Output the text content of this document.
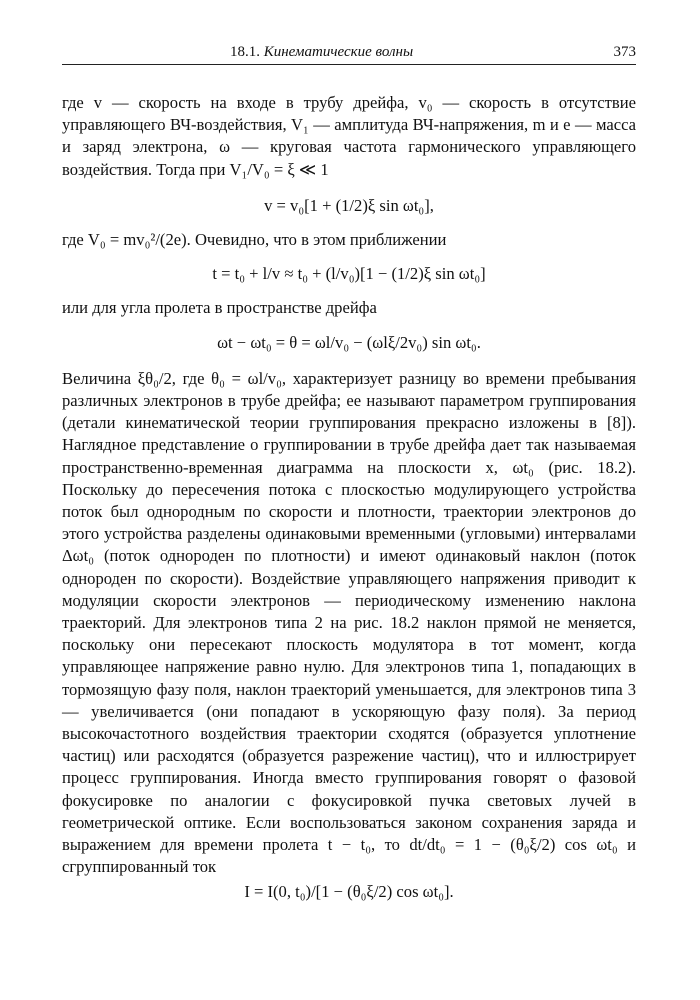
18.1. Кинематические волны	373

где v — скорость на входе в трубу дрейфа, v₀ — скорость в отсутствие управляющего ВЧ-воздействия, V₁ — амплитуда ВЧ-напряжения, m и e — масса и заряд электрона, ω — круговая частота гармонического управляющего воздействия. Тогда при V₁/V₀ = ξ ≪ 1

v = v₀[1 + (1/2)ξ sin ωt₀],

где V₀ = mv₀²/(2e). Очевидно, что в этом приближении

t = t₀ + l/v ≈ t₀ + (l/v₀)[1 − (1/2)ξ sin ωt₀]

или для угла пролета в пространстве дрейфа

ωt − ωt₀ = θ = ωl/v₀ − (ωlξ/2v₀) sin ωt₀.

Величина ξθ₀/2, где θ₀ = ωl/v₀, характеризует разницу во времени пребывания различных электронов в трубе дрейфа; ее называют параметром группирования (детали кинематической теории группирования прекрасно изложены в [8]). Наглядное представление о группировании в трубе дрейфа дает так называемая пространственно-временная диаграмма на плоскости x, ωt₀ (рис. 18.2). Поскольку до пересечения потока с плоскостью модулирующего устройства поток был однородным по скорости и плотности, траектории электронов до этого устройства разделены одинаковыми временными (угловыми) интервалами Δωt₀ (поток однороден по плотности) и имеют одинаковый наклон (поток однороден по скорости). Воздействие управляющего напряжения приводит к модуляции скорости электронов — периодическому изменению наклона траекторий. Для электронов типа 2 на рис. 18.2 наклон прямой не меняется, поскольку они пересекают плоскость модулятора в тот момент, когда управляющее напряжение равно нулю. Для электронов типа 1, попадающих в тормозящую фазу поля, наклон траекторий уменьшается, для электронов типа 3 — увеличивается (они попадают в ускоряющую фазу поля). За период высокочастотного воздействия траектории сходятся (образуется уплотнение частиц) или расходятся (образуется разрежение частиц), что и иллюстрирует процесс группирования. Иногда вместо группирования говорят о фазовой фокусировке по аналогии с фокусировкой пучка световых лучей в геометрической оптике. Если воспользоваться законом сохранения заряда и выражением для времени пролета t − t₀, то dt/dt₀ = 1 − (θ₀ξ/2) cos ωt₀ и сгруппированный ток

I = I(0, t₀)/[1 − (θ₀ξ/2) cos ωt₀].
